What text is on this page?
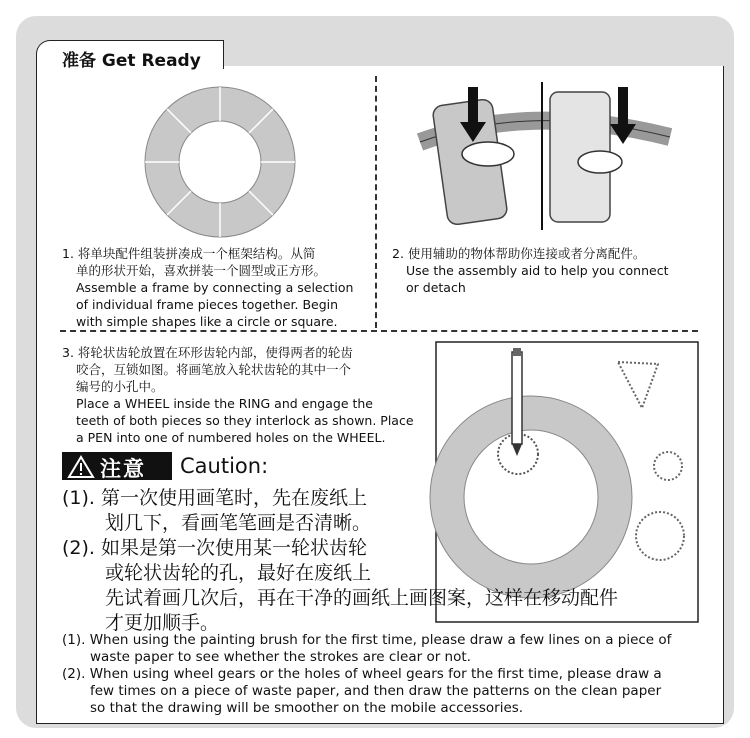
准备 Get Ready
1. 将单块配件组装拼凑成一个框架结构。从简
单的形状开始，喜欢拼装一个圆型或正方形。
Assemble a frame by connecting a selection
of individual frame pieces together. Begin
with simple shapes like a circle or square.
2. 使用辅助的物体帮助你连接或者分离配件。
Use the assembly aid to help you connect
or detach
3. 将轮状齿轮放置在环形齿轮内部，使得两者的轮齿
咬合，互锁如图。将画笔放入轮状齿轮的其中一个
编号的小孔中。
Place a WHEEL inside the RING and engage the
teeth of both pieces so they interlock as shown. Place
a PEN into one of numbered holes on the WHEEL.
注意 Caution:
(1). 第一次使用画笔时，先在废纸上
划几下，看画笔笔画是否清晰。
(2). 如果是第一次使用某一轮状齿轮
或轮状齿轮的孔，最好在废纸上
先试着画几次后，再在干净的画纸上画图案，这样在移动配件
才更加顺手。
(1). When using the painting brush for the first time, please draw a few lines on a piece of
waste paper to see whether the strokes are clear or not.
(2). When using wheel gears or the holes of wheel gears for the first time, please draw a
few times on a piece of waste paper, and then draw the patterns on the clean paper
so that the drawing will be smoother on the mobile accessories.
